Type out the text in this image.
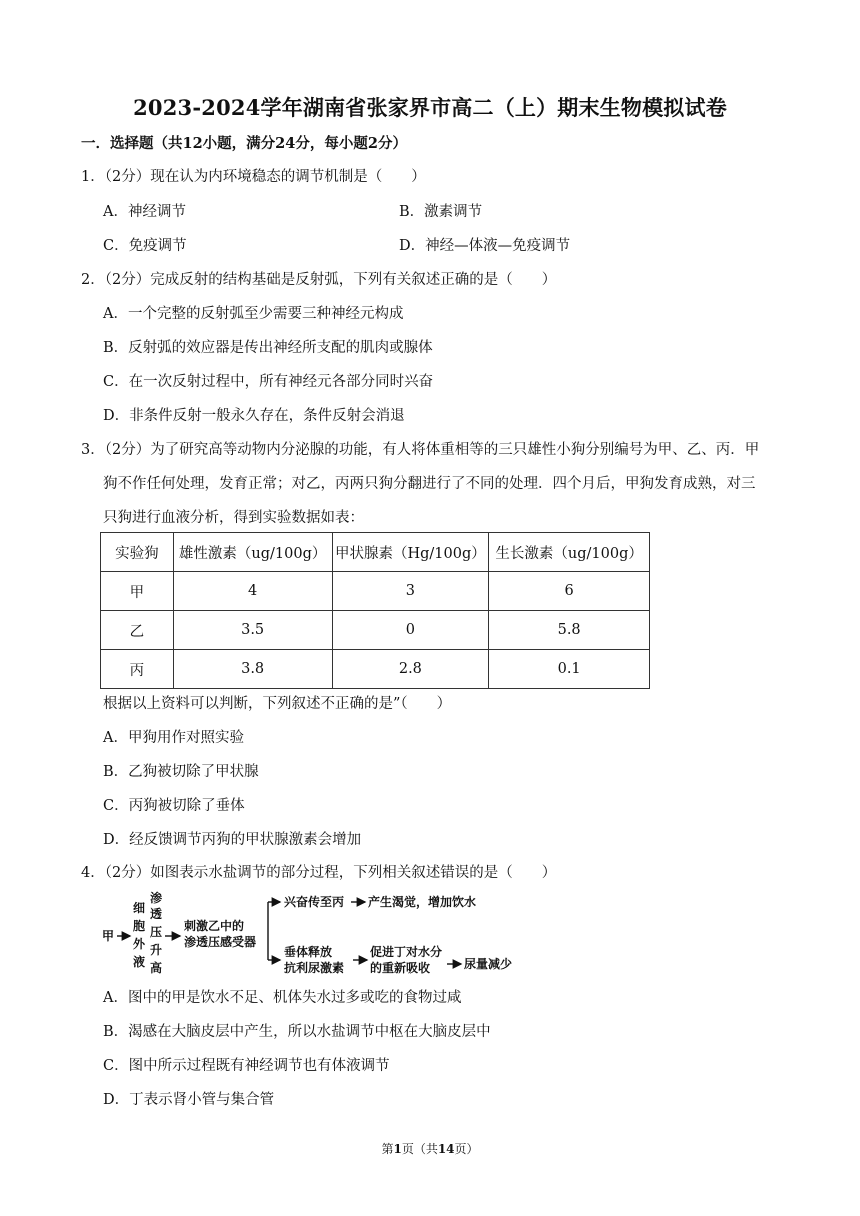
2023-2024学年湖南省张家界市高二（上）期末生物模拟试卷
一．选择题（共12小题，满分24分，每小题2分）
1．（2分）现在认为内环境稳态的调节机制是（　　）
A．神经调节	B．激素调节
C．免疫调节	D．神经—体液—免疫调节
2．（2分）完成反射的结构基础是反射弧，下列有关叙述正确的是（　　）
A．一个完整的反射弧至少需要三种神经元构成
B．反射弧的效应器是传出神经所支配的肌肉或腺体
C．在一次反射过程中，所有神经元各部分同时兴奋
D．非条件反射一般永久存在，条件反射会消退
3．（2分）为了研究高等动物内分泌腺的功能，有人将体重相等的三只雄性小狗分别编号为甲、乙、丙．甲
狗不作任何处理，发育正常；对乙，丙两只狗分翻进行了不同的处理．四个月后，甲狗发育成熟，对三
只狗进行血液分析，得到实验数据如表：
实验狗	雄性激素（ug/100g）	甲状腺素（Hg/100g）	生长激素（ug/100g）
甲	4	3	6
乙	3.5	0	5.8
丙	3.8	2.8	0.1
根据以上资料可以判断，下列叙述不正确的是”（　　）
A．甲狗用作对照实验
B．乙狗被切除了甲状腺
C．丙狗被切除了垂体
D．经反馈调节丙狗的甲状腺激素会增加
4．（2分）如图表示水盐调节的部分过程，下列相关叙述错误的是（　　）
甲
细
胞
外
液
渗
透
压
升
高
刺激乙中的
渗透压感受器
兴奋传至丙 产生渴觉，增加饮水
垂体释放
抗利尿激素
促进丁对水分
的重新吸收	尿量减少
A．图中的甲是饮水不足、机体失水过多或吃的食物过咸
B．渴感在大脑皮层中产生，所以水盐调节中枢在大脑皮层中
C．图中所示过程既有神经调节也有体液调节
D．丁表示肾小管与集合管
第1页（共14页）
